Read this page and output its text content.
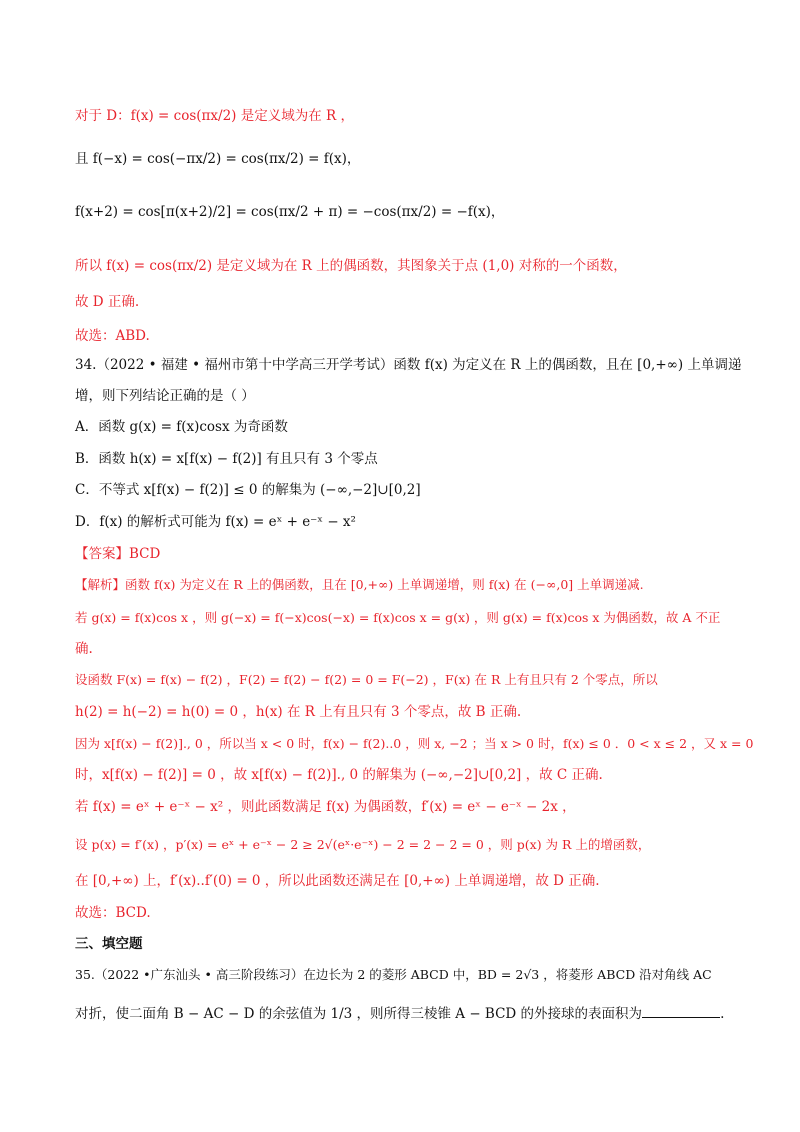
对于 D：f(x) = cos(πx/2) 是定义域为在 R ，
且 f(−x) = cos(−πx/2) = cos(πx/2) = f(x)，
f(x+2) = cos[π(x+2)/2] = cos(πx/2 + π) = −cos(πx/2) = −f(x)，
所以 f(x) = cos(πx/2) 是定义域为在 R 上的偶函数，其图象关于点 (1,0) 对称的一个函数，
故 D 正确.
故选：ABD.
34.（2022 • 福建 • 福州市第十中学高三开学考试）函数 f(x) 为定义在 R 上的偶函数，且在 [0,+∞) 上单调递
增，则下列结论正确的是（ ）
A．函数 g(x) = f(x)cosx 为奇函数
B．函数 h(x) = x[f(x) − f(2)] 有且只有 3 个零点
C．不等式 x[f(x) − f(2)] ≤ 0 的解集为 (−∞,−2]∪[0,2]
D．f(x) 的解析式可能为 f(x) = eˣ + e⁻ˣ − x²
【答案】BCD
【解析】函数 f(x) 为定义在 R 上的偶函数，且在 [0,+∞) 上单调递增，则 f(x) 在 (−∞,0] 上单调递减.
若 g(x) = f(x)cos x ，则 g(−x) = f(−x)cos(−x) = f(x)cos x = g(x) ，则 g(x) = f(x)cos x 为偶函数，故 A 不正
确.
设函数 F(x) = f(x) − f(2) ，F(2) = f(2) − f(2) = 0 = F(−2) ，F(x) 在 R 上有且只有 2 个零点，所以
h(2) = h(−2) = h(0) = 0 ，h(x) 在 R 上有且只有 3 个零点，故 B 正确.
因为 x[f(x) − f(2)]., 0 ，所以当 x < 0 时，f(x) − f(2)..0 ，则 x, −2 ；当 x > 0 时，f(x) ≤ 0 ．0 < x ≤ 2 ，又 x = 0
时，x[f(x) − f(2)] = 0 ，故 x[f(x) − f(2)]., 0 的解集为 (−∞,−2]∪[0,2] ，故 C 正确.
若 f(x) = eˣ + e⁻ˣ − x² ，则此函数满足 f(x) 为偶函数，f′(x) = eˣ − e⁻ˣ − 2x ，
设 p(x) = f′(x) ，p′(x) = eˣ + e⁻ˣ − 2 ≥ 2√(eˣ·e⁻ˣ) − 2 = 2 − 2 = 0 ，则 p(x) 为 R 上的增函数，
在 [0,+∞) 上，f′(x)..f′(0) = 0 ，所以此函数还满足在 [0,+∞) 上单调递增，故 D 正确.
故选：BCD.
三、填空题
35.（2022 •广东汕头 • 高三阶段练习）在边长为 2 的菱形 ABCD 中，BD = 2√3 ，将菱形 ABCD 沿对角线 AC
对折，使二面角 B − AC − D 的余弦值为 1/3 ，则所得三棱锥 A − BCD 的外接球的表面积为	.
